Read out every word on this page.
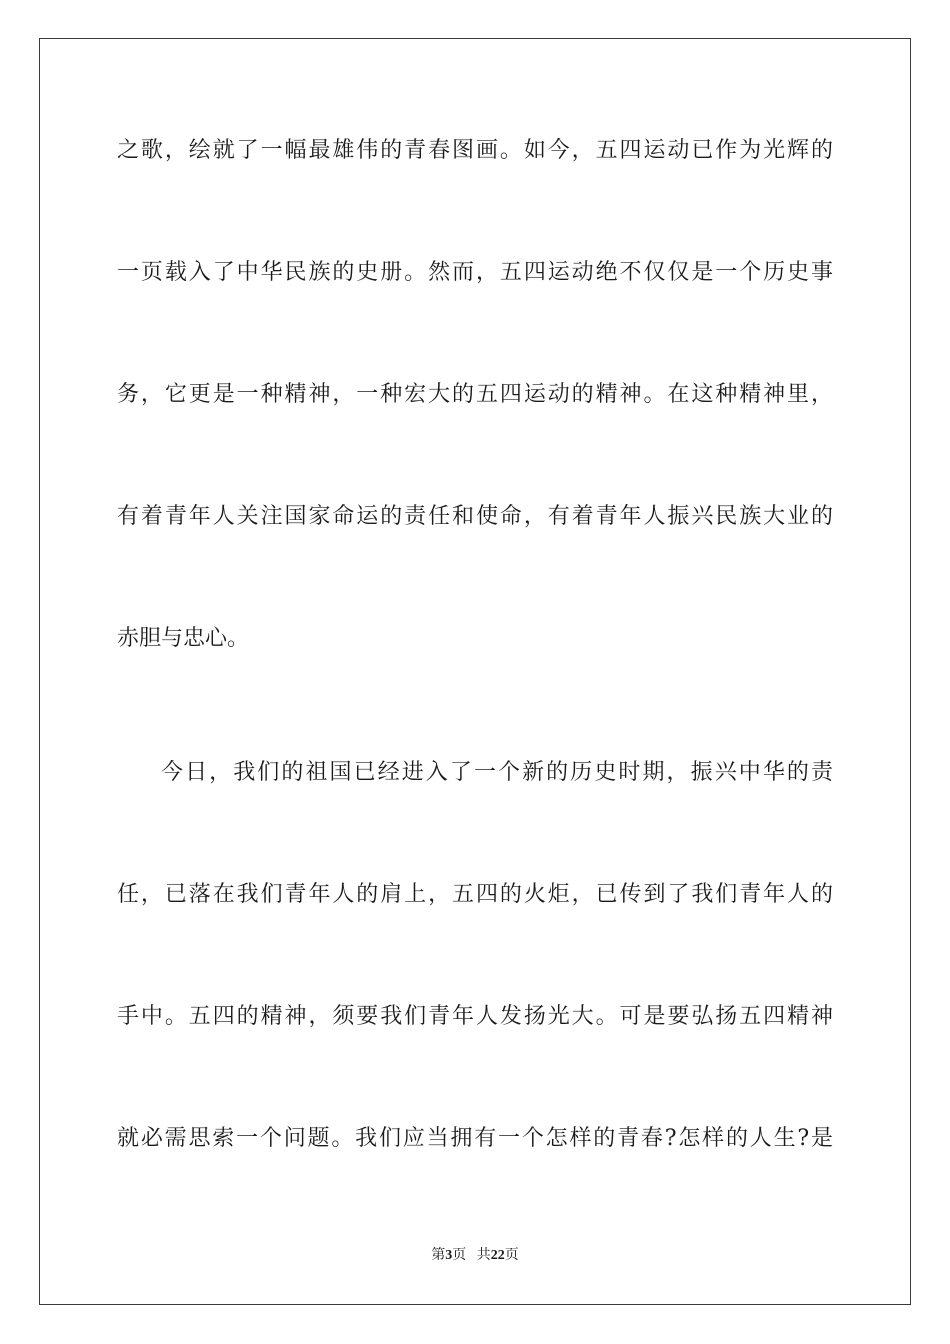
之歌，绘就了一幅最雄伟的青春图画。如今，五四运动已作为光辉的
一页载入了中华民族的史册。然而，五四运动绝不仅仅是一个历史事
务，它更是一种精神，一种宏大的五四运动的精神。在这种精神里，
有着青年人关注国家命运的责任和使命，有着青年人振兴民族大业的
赤胆与忠心。
今日，我们的祖国已经进入了一个新的历史时期，振兴中华的责
任，已落在我们青年人的肩上，五四的火炬，已传到了我们青年人的
手中。五四的精神，须要我们青年人发扬光大。可是要弘扬五四精神
就必需思索一个问题。我们应当拥有一个怎样的青春?怎样的人生?是
第3页 共22页
